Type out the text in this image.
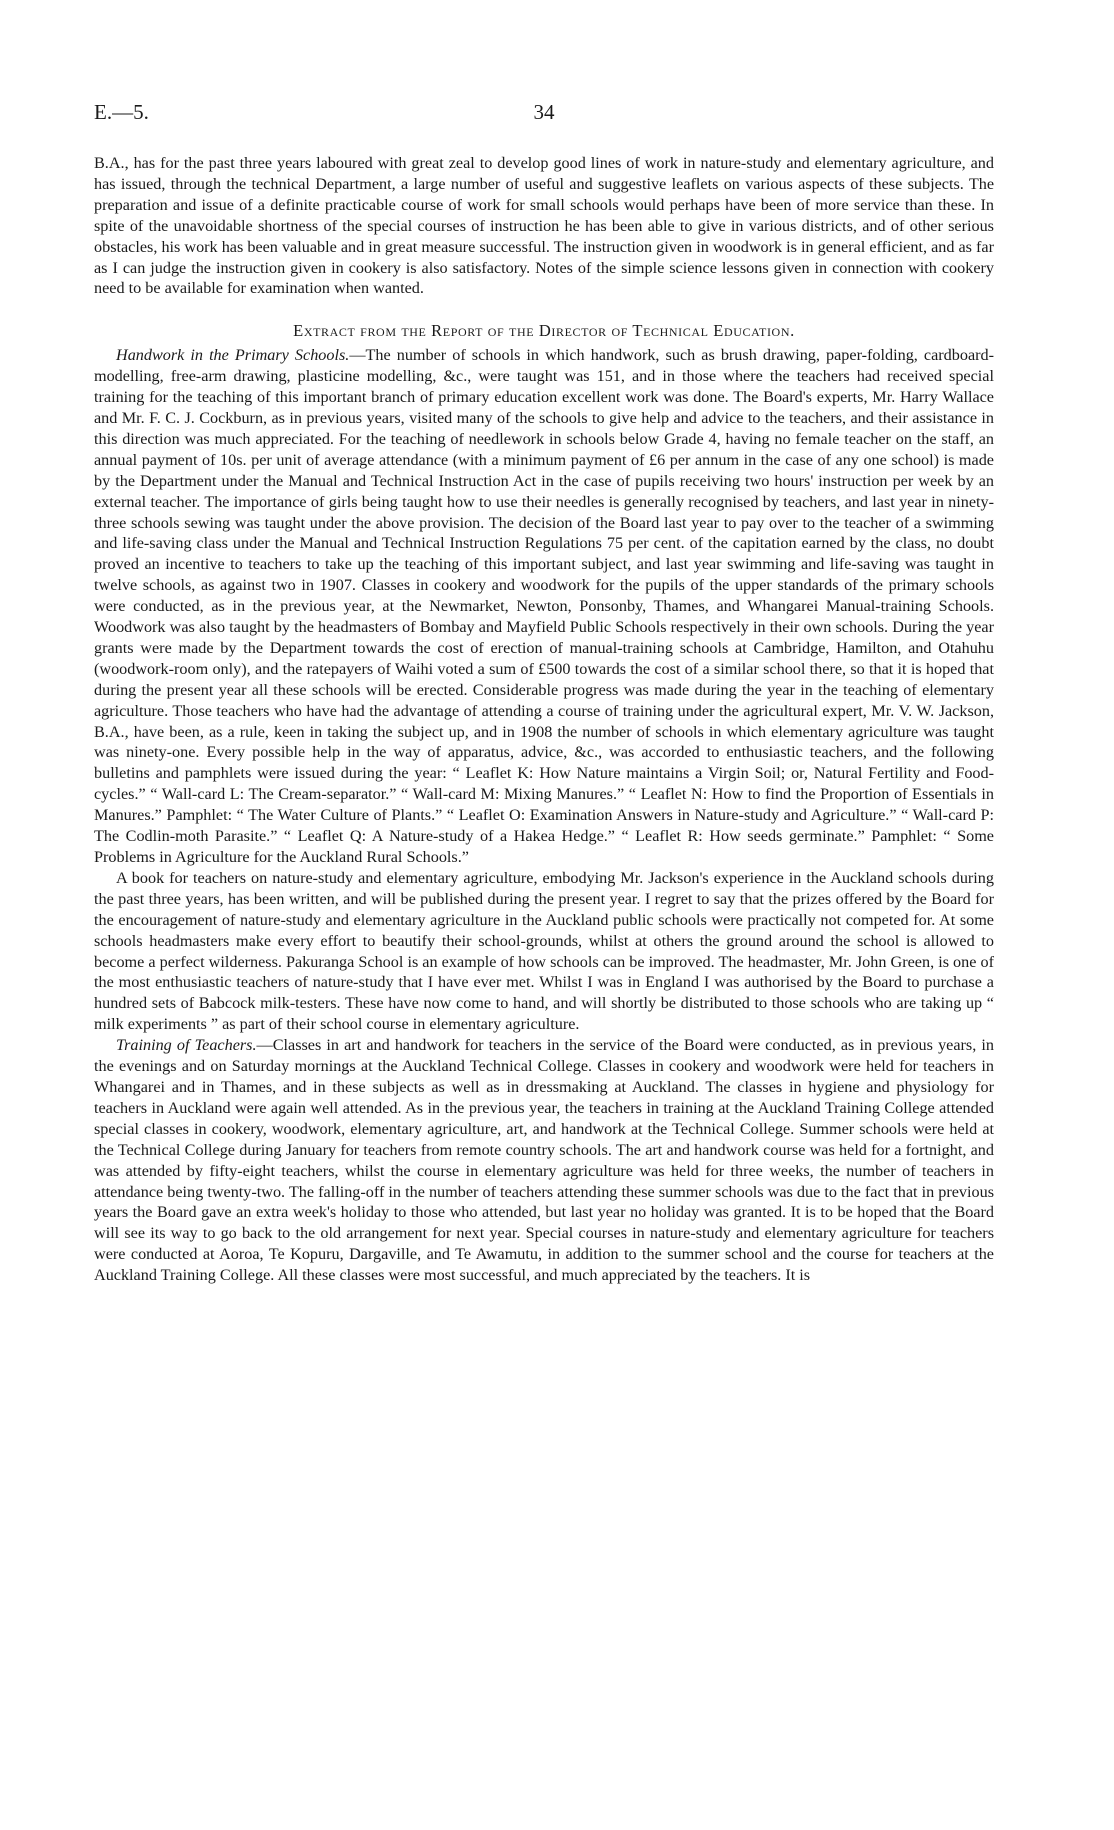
E.—5.	34

B.A., has for the past three years laboured with great zeal to develop good lines of work in nature-study and elementary agriculture, and has issued, through the technical Department, a large number of useful and suggestive leaflets on various aspects of these subjects. The preparation and issue of a definite practicable course of work for small schools would perhaps have been of more service than these. In spite of the unavoidable shortness of the special courses of instruction he has been able to give in various districts, and of other serious obstacles, his work has been valuable and in great measure successful. The instruction given in woodwork is in general efficient, and as far as I can judge the instruction given in cookery is also satisfactory. Notes of the simple science lessons given in connection with cookery need to be available for examination when wanted.

Extract from the Report of the Director of Technical Education.

Handwork in the Primary Schools.—The number of schools in which handwork, such as brush drawing, paper-folding, cardboard-modelling, free-arm drawing, plasticine modelling, &c., were taught was 151, and in those where the teachers had received special training for the teaching of this important branch of primary education excellent work was done. The Board's experts, Mr. Harry Wallace and Mr. F. C. J. Cockburn, as in previous years, visited many of the schools to give help and advice to the teachers, and their assistance in this direction was much appreciated. For the teaching of needlework in schools below Grade 4, having no female teacher on the staff, an annual payment of 10s. per unit of average attendance (with a minimum payment of £6 per annum in the case of any one school) is made by the Department under the Manual and Technical Instruction Act in the case of pupils receiving two hours' instruction per week by an external teacher. The importance of girls being taught how to use their needles is generally recognised by teachers, and last year in ninety-three schools sewing was taught under the above provision. The decision of the Board last year to pay over to the teacher of a swimming and life-saving class under the Manual and Technical Instruction Regulations 75 per cent. of the capitation earned by the class, no doubt proved an incentive to teachers to take up the teaching of this important subject, and last year swimming and life-saving was taught in twelve schools, as against two in 1907. Classes in cookery and woodwork for the pupils of the upper standards of the primary schools were conducted, as in the previous year, at the Newmarket, Newton, Ponsonby, Thames, and Whangarei Manual-training Schools. Woodwork was also taught by the headmasters of Bombay and Mayfield Public Schools respectively in their own schools. During the year grants were made by the Department towards the cost of erection of manual-training schools at Cambridge, Hamilton, and Otahuhu (woodwork-room only), and the ratepayers of Waihi voted a sum of £500 towards the cost of a similar school there, so that it is hoped that during the present year all these schools will be erected. Considerable progress was made during the year in the teaching of elementary agriculture. Those teachers who have had the advantage of attending a course of training under the agricultural expert, Mr. V. W. Jackson, B.A., have been, as a rule, keen in taking the subject up, and in 1908 the number of schools in which elementary agriculture was taught was ninety-one. Every possible help in the way of apparatus, advice, &c., was accorded to enthusiastic teachers, and the following bulletins and pamphlets were issued during the year: “ Leaflet K: How Nature maintains a Virgin Soil; or, Natural Fertility and Food-cycles.” “ Wall-card L: The Cream-separator.” “ Wall-card M: Mixing Manures.” “ Leaflet N: How to find the Proportion of Essentials in Manures.” Pamphlet: “ The Water Culture of Plants.” “ Leaflet O: Examination Answers in Nature-study and Agriculture.” “ Wall-card P: The Codlin-moth Parasite.” “ Leaflet Q: A Nature-study of a Hakea Hedge.” “ Leaflet R: How seeds germinate.” Pamphlet: “ Some Problems in Agriculture for the Auckland Rural Schools.”

A book for teachers on nature-study and elementary agriculture, embodying Mr. Jackson's experience in the Auckland schools during the past three years, has been written, and will be published during the present year. I regret to say that the prizes offered by the Board for the encouragement of nature-study and elementary agriculture in the Auckland public schools were practically not competed for. At some schools headmasters make every effort to beautify their school-grounds, whilst at others the ground around the school is allowed to become a perfect wilderness. Pakuranga School is an example of how schools can be improved. The headmaster, Mr. John Green, is one of the most enthusiastic teachers of nature-study that I have ever met. Whilst I was in England I was authorised by the Board to purchase a hundred sets of Babcock milk-testers. These have now come to hand, and will shortly be distributed to those schools who are taking up “ milk experiments ” as part of their school course in elementary agriculture.

Training of Teachers.—Classes in art and handwork for teachers in the service of the Board were conducted, as in previous years, in the evenings and on Saturday mornings at the Auckland Technical College. Classes in cookery and woodwork were held for teachers in Whangarei and in Thames, and in these subjects as well as in dressmaking at Auckland. The classes in hygiene and physiology for teachers in Auckland were again well attended. As in the previous year, the teachers in training at the Auckland Training College attended special classes in cookery, woodwork, elementary agriculture, art, and handwork at the Technical College. Summer schools were held at the Technical College during January for teachers from remote country schools. The art and handwork course was held for a fortnight, and was attended by fifty-eight teachers, whilst the course in elementary agriculture was held for three weeks, the number of teachers in attendance being twenty-two. The falling-off in the number of teachers attending these summer schools was due to the fact that in previous years the Board gave an extra week's holiday to those who attended, but last year no holiday was granted. It is to be hoped that the Board will see its way to go back to the old arrangement for next year. Special courses in nature-study and elementary agriculture for teachers were conducted at Aoroa, Te Kopuru, Dargaville, and Te Awamutu, in addition to the summer school and the course for teachers at the Auckland Training College. All these classes were most successful, and much appreciated by the teachers. It is
